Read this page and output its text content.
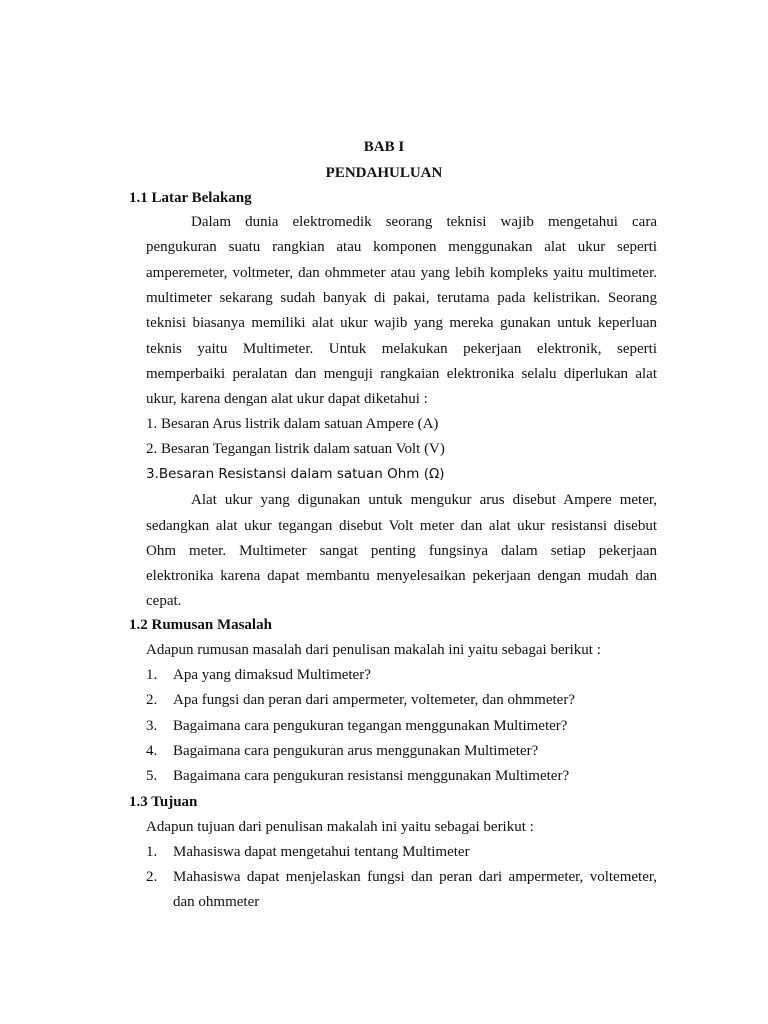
BAB I
PENDAHULUAN
1.1 Latar Belakang
Dalam dunia elektromedik seorang teknisi wajib mengetahui cara
pengukuran suatu rangkian atau komponen menggunakan alat ukur seperti
amperemeter, voltmeter, dan ohmmeter atau yang lebih kompleks yaitu multimeter.
multimeter sekarang sudah banyak di pakai, terutama pada kelistrikan. Seorang
teknisi biasanya memiliki alat ukur wajib yang mereka gunakan untuk keperluan
teknis yaitu Multimeter. Untuk melakukan pekerjaan elektronik, seperti
memperbaiki peralatan dan menguji rangkaian elektronika selalu diperlukan alat
ukur, karena dengan alat ukur dapat diketahui :
1. Besaran Arus listrik dalam satuan Ampere (A)
2. Besaran Tegangan listrik dalam satuan Volt (V)
3.Besaran Resistansi dalam satuan Ohm (Ω)
Alat ukur yang digunakan untuk mengukur arus disebut Ampere meter,
sedangkan alat ukur tegangan disebut Volt meter dan alat ukur resistansi disebut
Ohm meter. Multimeter sangat penting fungsinya dalam setiap pekerjaan
elektronika karena dapat membantu menyelesaikan pekerjaan dengan mudah dan
cepat.
1.2 Rumusan Masalah
Adapun rumusan masalah dari penulisan makalah ini yaitu sebagai berikut :
1. Apa yang dimaksud Multimeter?
2. Apa fungsi dan peran dari ampermeter, voltemeter, dan ohmmeter?
3. Bagaimana cara pengukuran tegangan menggunakan Multimeter?
4. Bagaimana cara pengukuran arus menggunakan Multimeter?
5. Bagaimana cara pengukuran resistansi menggunakan Multimeter?
1.3 Tujuan
Adapun tujuan dari penulisan makalah ini yaitu sebagai berikut :
1. Mahasiswa dapat mengetahui tentang Multimeter
2. Mahasiswa dapat menjelaskan fungsi dan peran dari ampermeter, voltemeter,
dan ohmmeter
